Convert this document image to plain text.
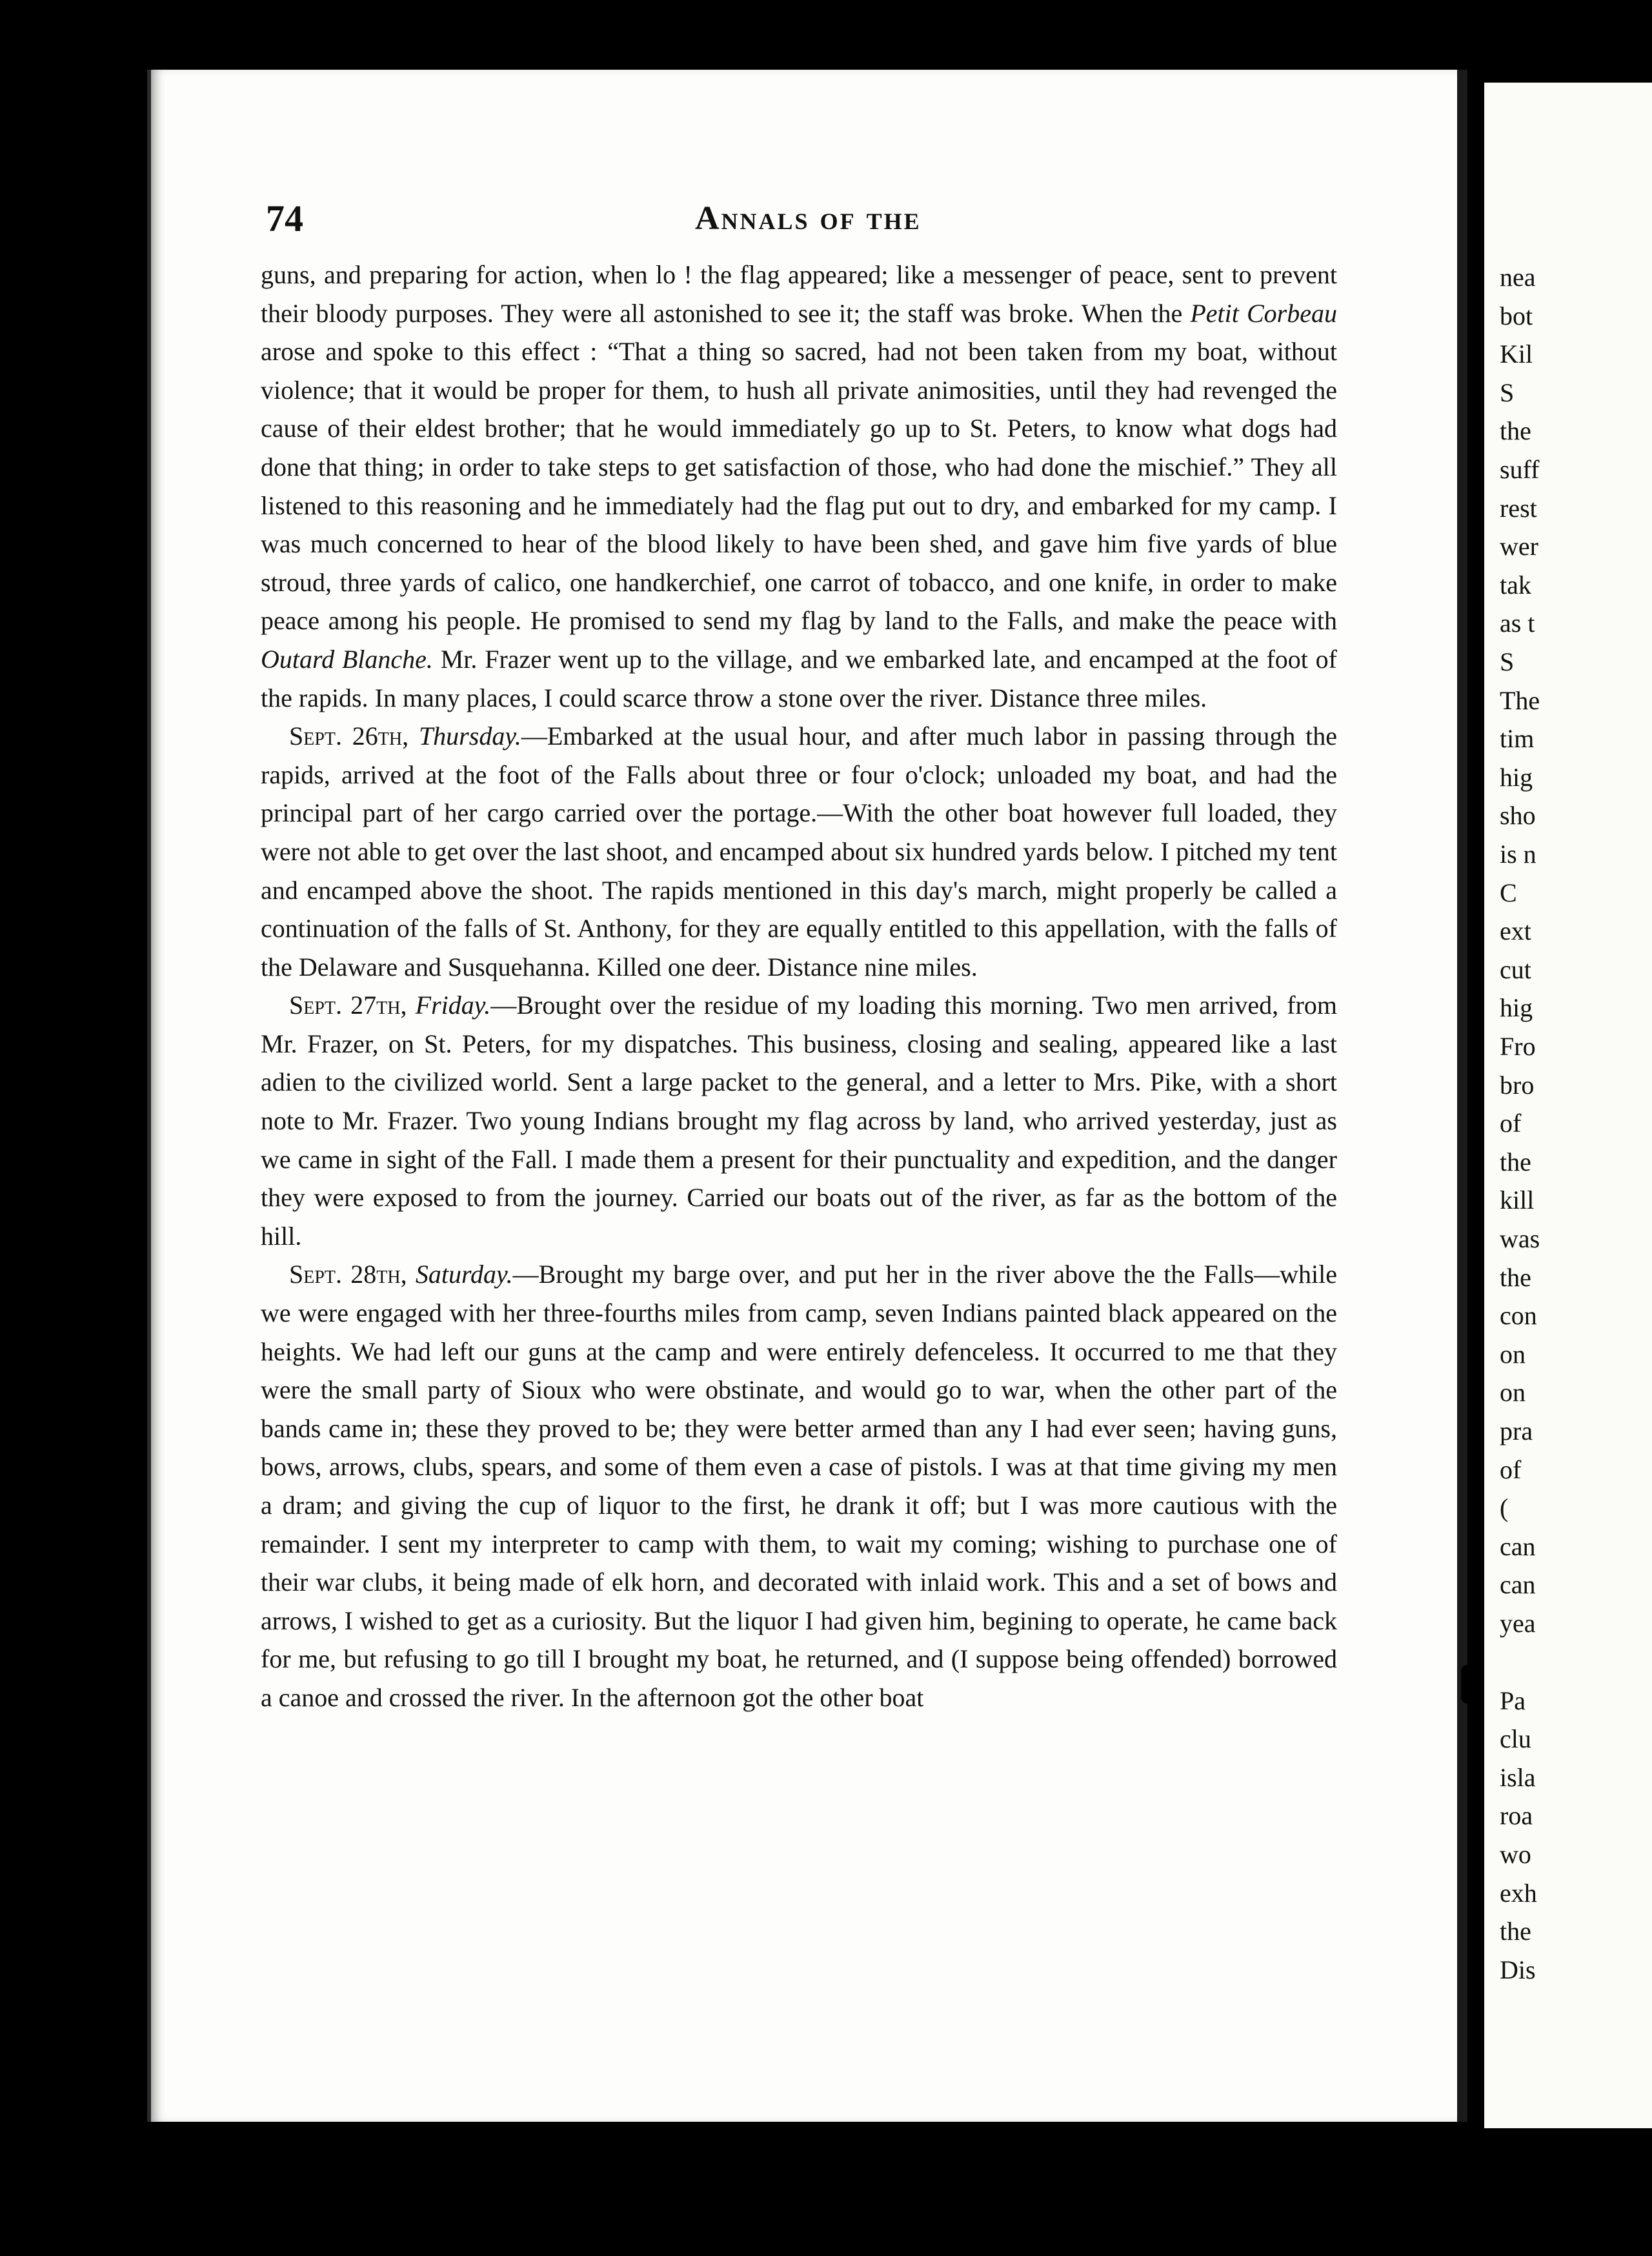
nea
bot
Kil
S
the
suff
rest
wer
tak
as t
S
The
tim
hig
sho
is n
C
ext
cut
hig
Fro
bro
of
the
kill
was
the
con
on
on
pra
of
(
can
can
yea
Pa
clu
isla
roa
wo
exh
the
Dis
74	Annals of the

guns, and preparing for action, when lo ! the flag appeared; like a messenger of peace, sent to prevent their bloody purposes. They were all astonished to see it; the staff was broke. When the Petit Corbeau arose and spoke to this effect : “That a thing so sacred, had not been taken from my boat, without violence; that it would be proper for them, to hush all private animosities, until they had revenged the cause of their eldest brother; that he would immediately go up to St. Peters, to know what dogs had done that thing; in order to take steps to get satisfaction of those, who had done the mischief.” They all listened to this reasoning and he immediately had the flag put out to dry, and embarked for my camp. I was much concerned to hear of the blood likely to have been shed, and gave him five yards of blue stroud, three yards of calico, one handkerchief, one carrot of tobacco, and one knife, in order to make peace among his people. He promised to send my flag by land to the Falls, and make the peace with Outard Blanche. Mr. Frazer went up to the village, and we embarked late, and encamped at the foot of the rapids. In many places, I could scarce throw a stone over the river. Distance three miles.

Sept. 26th, Thursday.—Embarked at the usual hour, and after much labor in passing through the rapids, arrived at the foot of the Falls about three or four o'clock; unloaded my boat, and had the principal part of her cargo carried over the portage.—With the other boat however full loaded, they were not able to get over the last shoot, and encamped about six hundred yards below. I pitched my tent and encamped above the shoot. The rapids mentioned in this day's march, might properly be called a continuation of the falls of St. Anthony, for they are equally entitled to this appellation, with the falls of the Delaware and Susquehanna. Killed one deer. Distance nine miles.

Sept. 27th, Friday.—Brought over the residue of my loading this morning. Two men arrived, from Mr. Frazer, on St. Peters, for my dispatches. This business, closing and sealing, appeared like a last adien to the civilized world. Sent a large packet to the general, and a letter to Mrs. Pike, with a short note to Mr. Frazer. Two young Indians brought my flag across by land, who arrived yesterday, just as we came in sight of the Fall. I made them a present for their punctuality and expedition, and the danger they were exposed to from the journey. Carried our boats out of the river, as far as the bottom of the hill.

Sept. 28th, Saturday.—Brought my barge over, and put her in the river above the the Falls—while we were engaged with her three-fourths miles from camp, seven Indians painted black appeared on the heights. We had left our guns at the camp and were entirely defenceless. It occurred to me that they were the small party of Sioux who were obstinate, and would go to war, when the other part of the bands came in; these they proved to be; they were better armed than any I had ever seen; having guns, bows, arrows, clubs, spears, and some of them even a case of pistols. I was at that time giving my men a dram; and giving the cup of liquor to the first, he drank it off; but I was more cautious with the remainder. I sent my interpreter to camp with them, to wait my coming; wishing to purchase one of their war clubs, it being made of elk horn, and decorated with inlaid work. This and a set of bows and arrows, I wished to get as a curiosity. But the liquor I had given him, begining to operate, he came back for me, but refusing to go till I brought my boat, he returned, and (I suppose being offended) borrowed a canoe and crossed the river. In the afternoon got the other boat
